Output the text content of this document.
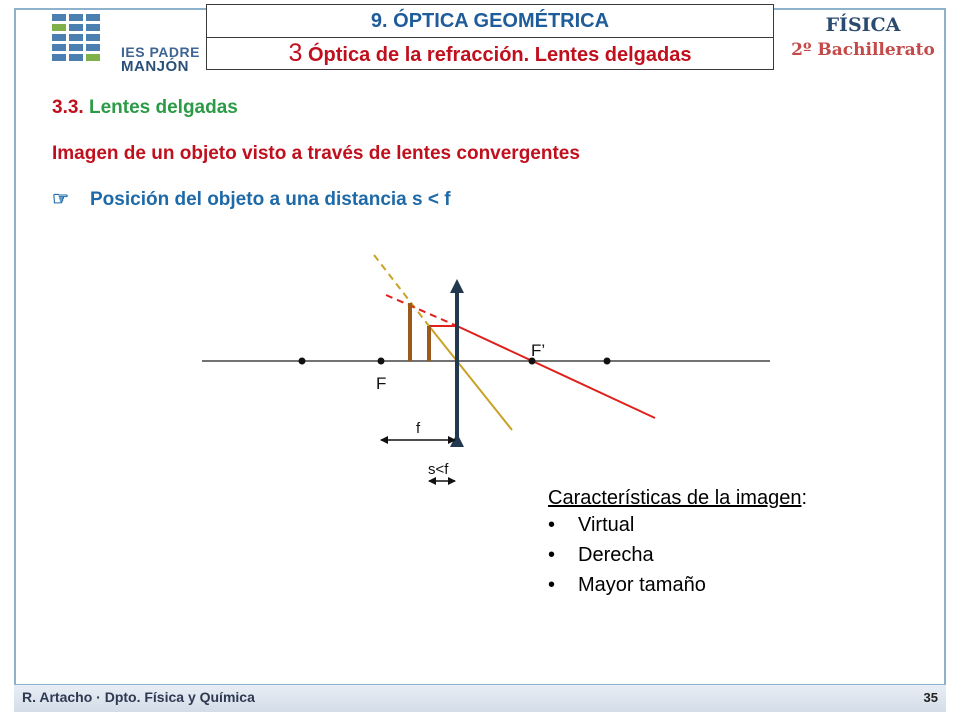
IES PADRE
MANJÓN
9. ÓPTICA GEOMÉTRICA
3 Óptica de la refracción. Lentes delgadas
FÍSICA
2º Bachillerato
3.3. Lentes delgadas
Imagen de un objeto visto a través de lentes convergentes
☞ Posición del objeto a una distancia s < f
F
F’
f
s<f
Características de la imagen:
• Virtual
• Derecha
• Mayor tamaño
R. Artacho · Dpto. Física y Química	35
